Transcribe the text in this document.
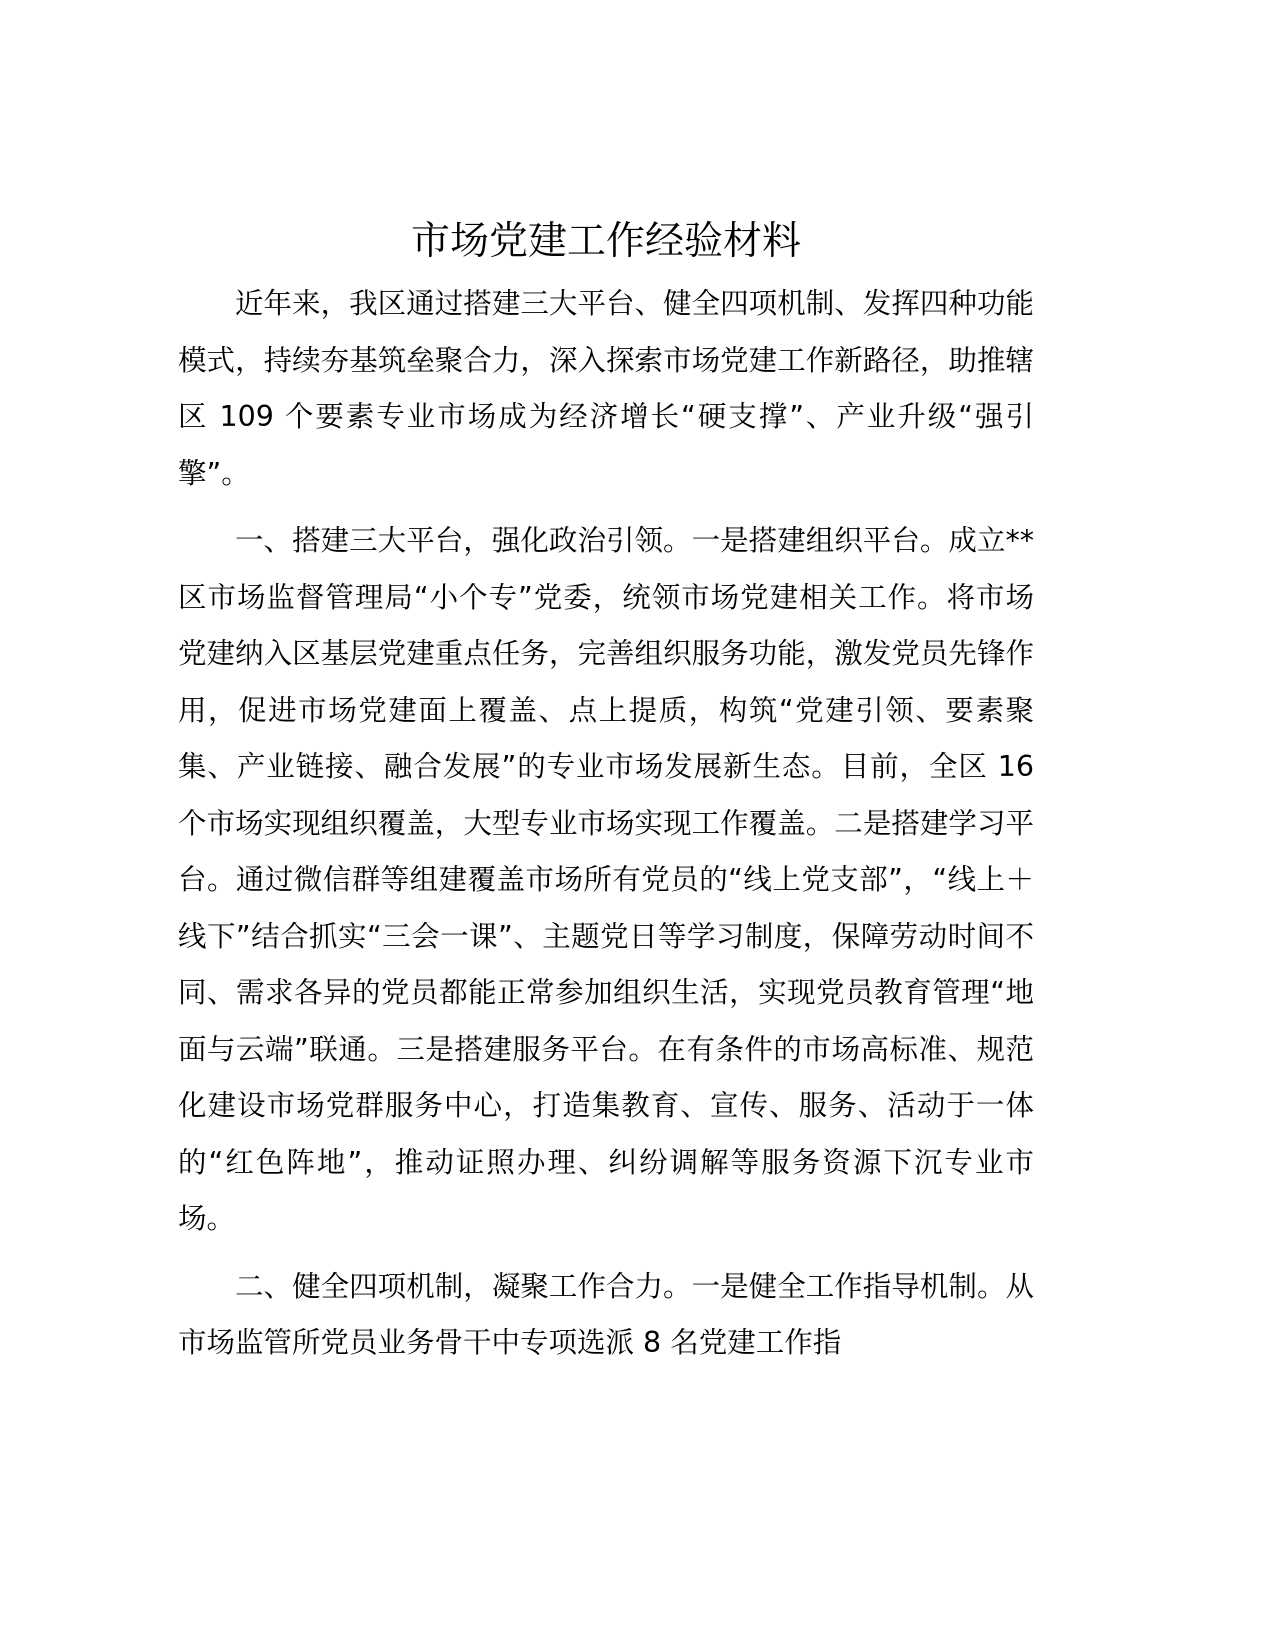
市场党建工作经验材料

近年来，我区通过搭建三大平台、健全四项机制、发挥四种功能模式，持续夯基筑垒聚合力，深入探索市场党建工作新路径，助推辖区 109 个要素专业市场成为经济增长“硬支撑”、产业升级“强引擎”。

一、搭建三大平台，强化政治引领。一是搭建组织平台。成立**区市场监督管理局“小个专”党委，统领市场党建相关工作。将市场党建纳入区基层党建重点任务，完善组织服务功能，激发党员先锋作用，促进市场党建面上覆盖、点上提质，构筑“党建引领、要素聚集、产业链接、融合发展”的专业市场发展新生态。目前，全区 16 个市场实现组织覆盖，大型专业市场实现工作覆盖。二是搭建学习平台。通过微信群等组建覆盖市场所有党员的“线上党支部”，“线上＋线下”结合抓实“三会一课”、主题党日等学习制度，保障劳动时间不同、需求各异的党员都能正常参加组织生活，实现党员教育管理“地面与云端”联通。三是搭建服务平台。在有条件的市场高标准、规范化建设市场党群服务中心，打造集教育、宣传、服务、活动于一体的“红色阵地”，推动证照办理、纠纷调解等服务资源下沉专业市场。

二、健全四项机制，凝聚工作合力。一是健全工作指导机制。从市场监管所党员业务骨干中专项选派 8 名党建工作指
